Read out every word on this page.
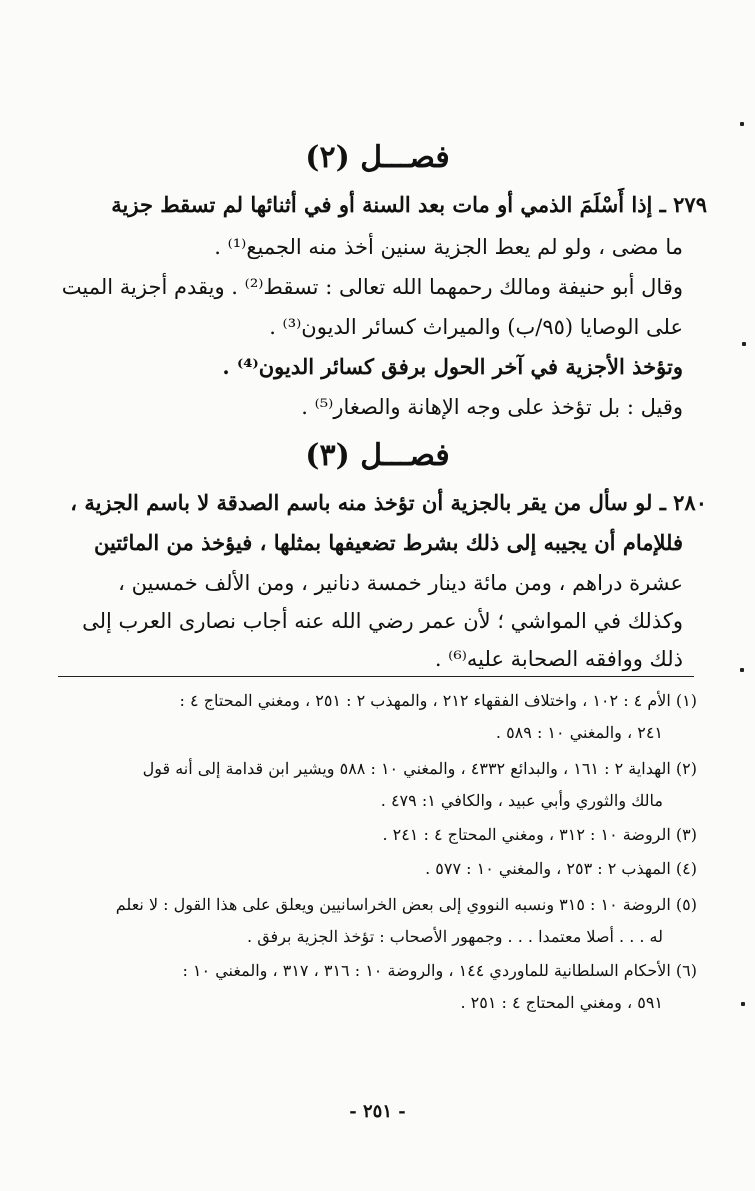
فصـــل (٢)
٢٧٩ ـ إذا أَسْلَمَ الذمي أو مات بعد السنة أو في أثنائها لم تسقط جزية
ما مضى ، ولو لم يعط الجزية سنين أخذ منه الجميع⁽¹⁾ .
وقال أبو حنيفة ومالك رحمهما الله تعالى : تسقط⁽²⁾ . ويقدم أجزية الميت
على الوصايا (٩٥/ب) والميراث كسائر الديون⁽³⁾ .
وتؤخذ الأجزية في آخر الحول برفق كسائر الديون⁽⁴⁾ .
وقيل : بل تؤخذ على وجه الإهانة والصغار⁽⁵⁾ .
فصـــل (٣)
٢٨٠ ـ لو سأل من يقر بالجزية أن تؤخذ منه باسم الصدقة لا باسم الجزية ،
فللإمام أن يجيبه إلى ذلك بشرط تضعيفها بمثلها ، فيؤخذ من المائتين
عشرة دراهم ، ومن مائة دينار خمسة دنانير ، ومن الألف خمسين ،
وكذلك في المواشي ؛ لأن عمر رضي الله عنه أجاب نصارى العرب إلى
ذلك ووافقه الصحابة عليه⁽⁶⁾ .
(١) الأم ٤ : ١٠٢ ، واختلاف الفقهاء ٢١٢ ، والمهذب ٢ : ٢٥١ ، ومغني المحتاج ٤ :
٢٤١ ، والمغني ١٠ : ٥٨٩ .
(٢) الهداية ٢ : ١٦١ ، والبدائع ٤٣٣٢ ، والمغني ١٠ : ٥٨٨ ويشير ابن قدامة إلى أنه قول
مالك والثوري وأبي عبيد ، والكافي ١: ٤٧٩ .
(٣) الروضة ١٠ : ٣١٢ ، ومغني المحتاج ٤ : ٢٤١ .
(٤) المهذب ٢ : ٢٥٣ ، والمغني ١٠ : ٥٧٧ .
(٥) الروضة ١٠ : ٣١٥ ونسبه النووي إلى بعض الخراسانيين ويعلق على هذا القول : لا نعلم
له . . . أصلا معتمدا . . . وجمهور الأصحاب : تؤخذ الجزية برفق .
(٦) الأحكام السلطانية للماوردي ١٤٤ ، والروضة ١٠ : ٣١٦ ، ٣١٧ ، والمغني ١٠ :
٥٩١ ، ومغني المحتاج ٤ : ٢٥١ .
- ٢٥١ -
